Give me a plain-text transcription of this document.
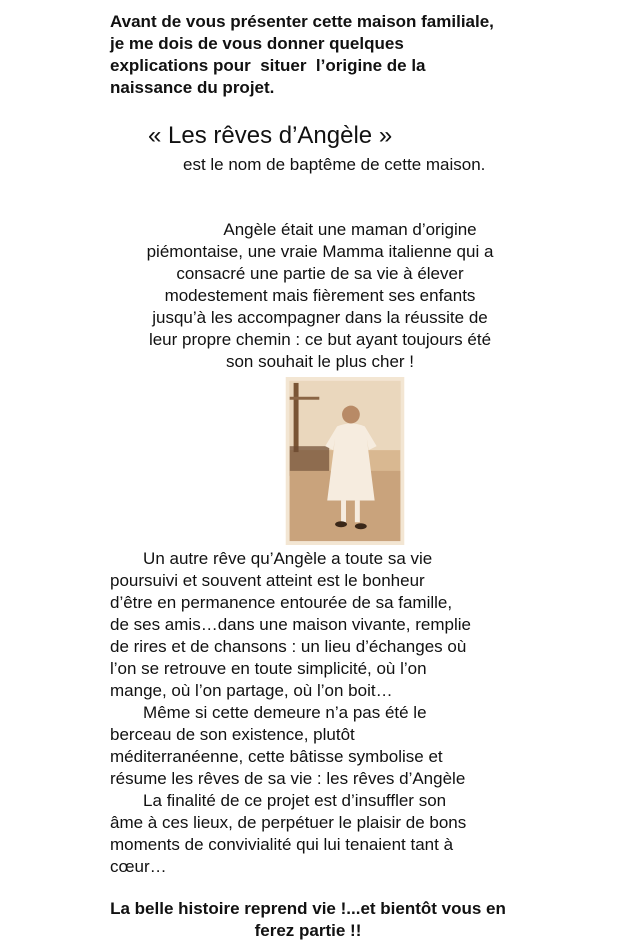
Avant de vous présenter cette maison familiale,
je me dois de vous donner quelques
explications pour  situer  l’origine de la
naissance du projet.
« Les rêves d’Angèle »
est le nom de baptême de cette maison.
Angèle était une maman d’origine
piémontaise, une vraie Mamma italienne qui a
consacré une partie de sa vie à élever
modestement mais fièrement ses enfants
jusqu’à les accompagner dans la réussite de
leur propre chemin : ce but ayant toujours été
son souhait le plus cher !
Un autre rêve qu’Angèle a toute sa vie
poursuivi et souvent atteint est le bonheur
d’être en permanence entourée de sa famille,
de ses amis…dans une maison vivante, remplie
de rires et de chansons : un lieu d’échanges où
l’on se retrouve en toute simplicité, où l’on
mange, où l’on partage, où l’on boit…
Même si cette demeure n’a pas été le
berceau de son existence, plutôt
méditerranéenne, cette bâtisse symbolise et
résume les rêves de sa vie : les rêves d’Angèle
La finalité de ce projet est d’insuffler son
âme à ces lieux, de perpétuer le plaisir de bons
moments de convivialité qui lui tenaient tant à
cœur…
La belle histoire reprend vie !...et bientôt vous en
ferez partie !!
